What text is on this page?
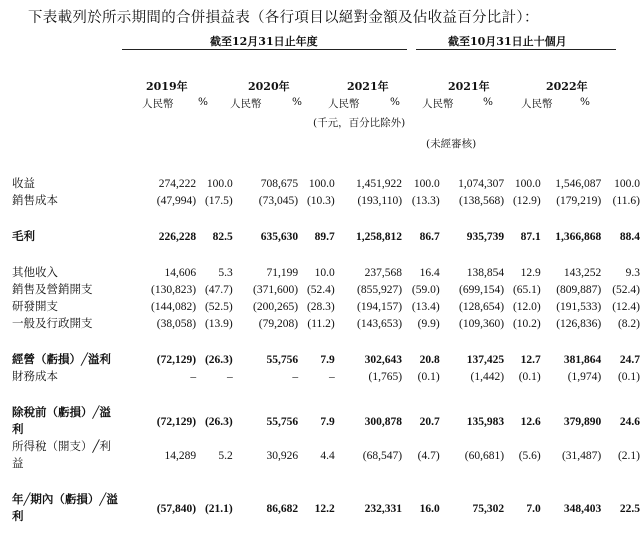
下表載列於所示期間的合併損益表（各行項目以絕對金額及佔收益百分比計）：
截至12月31日止年度	截至10月31日止十個月
2019年	2020年	2021年	2021年	2022年
人民幣 % 人民幣	% 人民幣	% 人民幣	%	人民幣	%
(千元，百分比除外)
(未經審核)
收益	274,222	100.0	708,675	100.0	1,451,922	100.0	1,074,307	100.0	1,546,087	100.0
銷售成本	(47,994)	(17.5)	(73,045)	(10.3)	(193,110)	(13.3)	(138,568)	(12.9)	(179,219)	(11.6)

毛利	226,228	82.5	635,630	89.7	1,258,812	86.7	935,739	87.1	1,366,868	88.4

其他收入	14,606	5.3	71,199	10.0	237,568	16.4	138,854	12.9	143,252	9.3
銷售及營銷開支	(130,823)	(47.7)	(371,600)	(52.4)	(855,927)	(59.0)	(699,154)	(65.1)	(809,887)	(52.4)
研發開支	(144,082)	(52.5)	(200,265)	(28.3)	(194,157)	(13.4)	(128,654)	(12.0)	(191,533)	(12.4)
一般及行政開支	(38,058)	(13.9)	(79,208)	(11.2)	(143,653)	(9.9)	(109,360)	(10.2)	(126,836)	(8.2)

經營（虧損）╱溢利	(72,129)	(26.3)	55,756	7.9	302,643	20.8	137,425	12.7	381,864	24.7
財務成本	–	–	–	–	(1,765)	(0.1)	(1,442)	(0.1)	(1,974)	(0.1)

除稅前（虧損）╱溢利	(72,129)	(26.3)	55,756	7.9	300,878	20.7	135,983	12.6	379,890	24.6
所得稅（開支）╱利益	14,289	5.2	30,926	4.4	(68,547)	(4.7)	(60,681)	(5.6)	(31,487)	(2.1)

年╱期內（虧損）╱溢利	(57,840)	(21.1)	86,682	12.2	232,331	16.0	75,302	7.0	348,403	22.5
